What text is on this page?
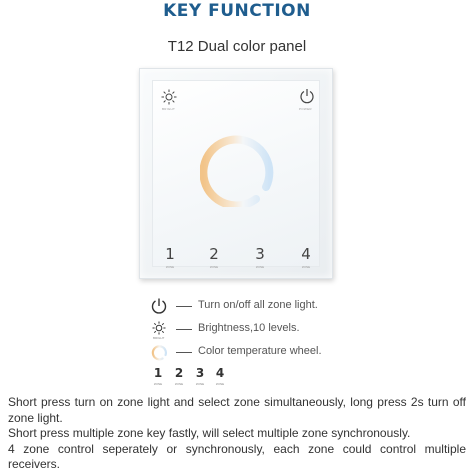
KEY FUNCTION
T12 Dual color panel
BRIGHT	POWER
1
ZONE
2
ZONE
3
ZONE
4
ZONE
Turn on/off all zone light.
BRIGHT
Brightness,10 levels.
Color temperature wheel.
1
ZONE
2
ZONE
3
ZONE
4
ZONE

Short press turn on zone light and select zone simultaneously, long press 2s turn off zone light.

Short press multiple zone key fastly, will select multiple zone synchronously.

4 zone control seperately or synchronously, each zone could control multiple receivers.
